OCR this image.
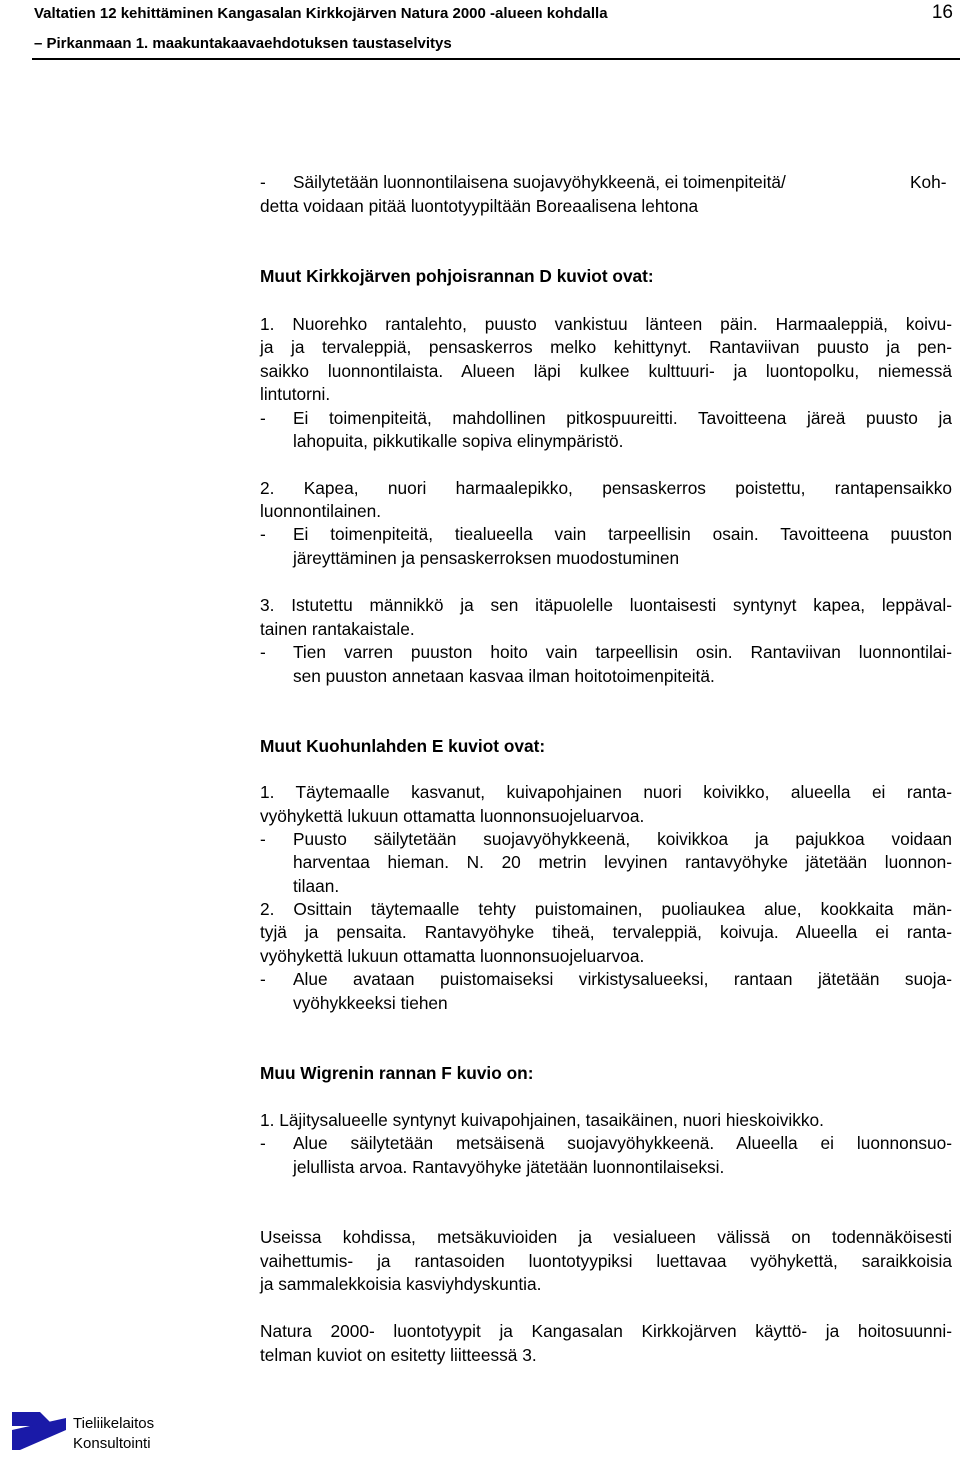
Valtatien 12 kehittäminen Kangasalan Kirkkojärven Natura 2000 -alueen kohdalla
– Pirkanmaan 1. maakuntakaavaehdotuksen taustaselvitys
16
- Säilytetään luonnontilaisena suojavyöhykkeenä, ei toimenpiteitä/	Koh-
detta voidaan pitää luontotyypiltään Boreaalisena lehtona
Muut Kirkkojärven pohjoisrannan D kuviot ovat:
1. Nuorehko rantalehto, puusto vankistuu länteen päin. Harmaaleppiä, koivu-
ja ja tervaleppiä, pensaskerros melko kehittynyt. Rantaviivan puusto ja pen-
saikko luonnontilaista. Alueen läpi kulkee kulttuuri- ja luontopolku, niemessä
lintutorni.
- Ei toimenpiteitä, mahdollinen pitkospuureitti. Tavoitteena järeä puusto ja
lahopuita, pikkutikalle sopiva elinympäristö.
2. Kapea, nuori harmaalepikko, pensaskerros poistettu, rantapensaikko
luonnontilainen.
- Ei toimenpiteitä, tiealueella vain tarpeellisin osain. Tavoitteena puuston
järeyttäminen ja pensaskerroksen muodostuminen
3. Istutettu männikkö ja sen itäpuolelle luontaisesti syntynyt kapea, leppäval-
tainen rantakaistale.
- Tien varren puuston hoito vain tarpeellisin osin. Rantaviivan luonnontilai-
sen puuston annetaan kasvaa ilman hoitotoimenpiteitä.
Muut Kuohunlahden E kuviot ovat:
1. Täytemaalle kasvanut, kuivapohjainen nuori koivikko, alueella ei ranta-
vyöhykettä lukuun ottamatta luonnonsuojeluarvoa.
- Puusto säilytetään suojavyöhykkeenä, koivikkoa ja pajukkoa voidaan
harventaa hieman. N. 20 metrin levyinen rantavyöhyke jätetään luonnon-
tilaan.
2. Osittain täytemaalle tehty puistomainen, puoliaukea alue, kookkaita män-
tyjä ja pensaita. Rantavyöhyke tiheä, tervaleppiä, koivuja. Alueella ei ranta-
vyöhykettä lukuun ottamatta luonnonsuojeluarvoa.
- Alue avataan puistomaiseksi virkistysalueeksi, rantaan jätetään suoja-
vyöhykkeeksi tiehen
Muu Wigrenin rannan F kuvio on:
1. Läjitysalueelle syntynyt kuivapohjainen, tasaikäinen, nuori hieskoivikko.
- Alue säilytetään metsäisenä suojavyöhykkeenä. Alueella ei luonnonsuo-
jelullista arvoa. Rantavyöhyke jätetään luonnontilaiseksi.
Useissa kohdissa, metsäkuvioiden ja vesialueen välissä on todennäköisesti
vaihettumis- ja rantasoiden luontotyypiksi luettavaa vyöhykettä, saraikkoisia
ja sammalekkoisia kasviyhdyskuntia.
Natura 2000- luontotyypit ja Kangasalan Kirkkojärven käyttö- ja hoitosuunni-
telman kuviot on esitetty liitteessä 3.
Tieliikelaitos
Konsultointi
